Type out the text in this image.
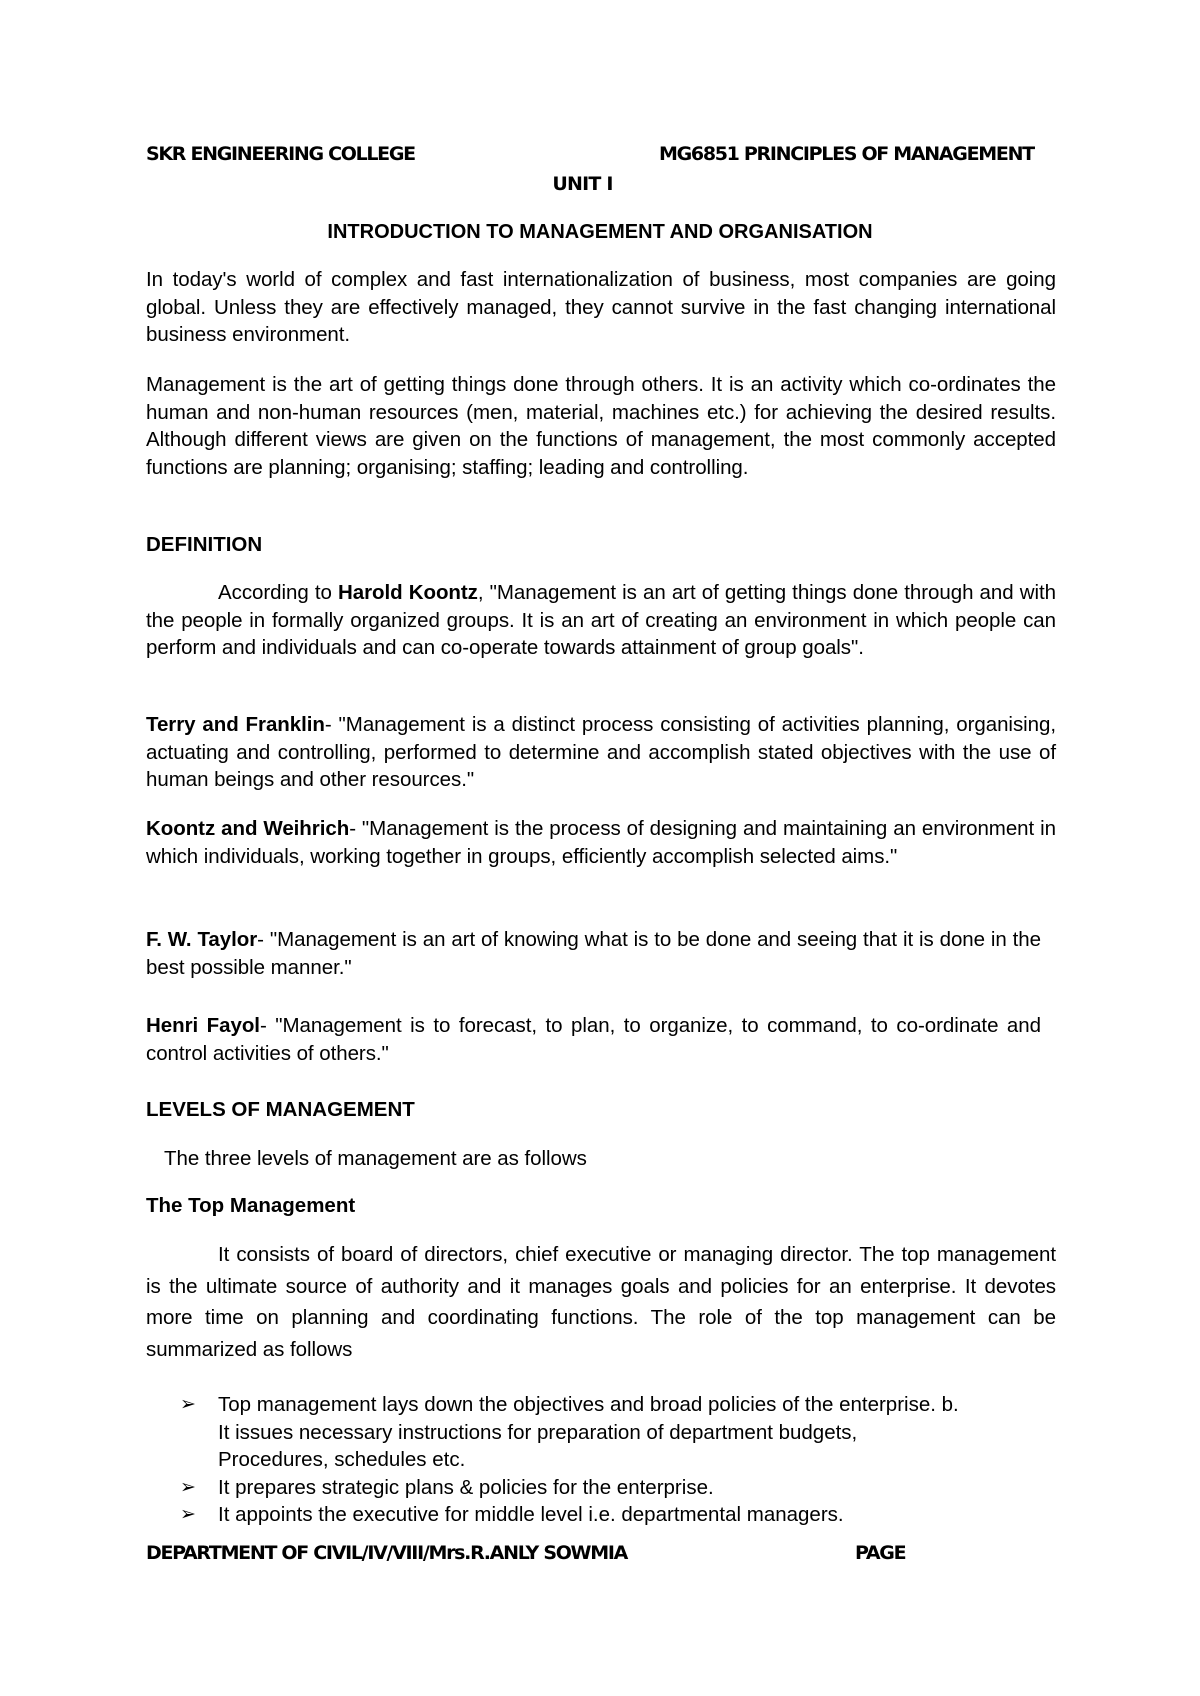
SKR ENGINEERING COLLEGE	MG6851 PRINCIPLES OF MANAGEMENT
UNIT I
INTRODUCTION TO MANAGEMENT AND ORGANISATION

In today's world of complex and fast internationalization of business, most companies are going global. Unless they are effectively managed, they cannot survive in the fast changing international business environment.

Management is the art of getting things done through others. It is an activity which co-ordinates the human and non-human resources (men, material, machines etc.) for achieving the desired results. Although different views are given on the functions of management, the most commonly accepted functions are planning; organising; staffing; leading and controlling.

DEFINITION

According to Harold Koontz, "Management is an art of getting things done through and with the people in formally organized groups. It is an art of creating an environment in which people can perform and individuals and can co-operate towards attainment of group goals".

Terry and Franklin- "Management is a distinct process consisting of activities planning, organising, actuating and controlling, performed to determine and accomplish stated objectives with the use of human beings and other resources."

Koontz and Weihrich- "Management is the process of designing and maintaining an environment in which individuals, working together in groups, efficiently accomplish selected aims."

F. W. Taylor- "Management is an art of knowing what is to be done and seeing that it is done in the best possible manner."

Henri Fayol- "Management is to forecast, to plan, to organize, to command, to co-ordinate and control activities of others."

LEVELS OF MANAGEMENT

The three levels of management are as follows

The Top Management

It consists of board of directors, chief executive or managing director. The top management is the ultimate source of authority and it manages goals and policies for an enterprise. It devotes more time on planning and coordinating functions. The role of the top management can be summarized as follows

➢ Top management lays down the objectives and broad policies of the enterprise. b. It issues necessary instructions for preparation of department budgets, Procedures, schedules etc.
➢ It prepares strategic plans & policies for the enterprise.
➢ It appoints the executive for middle level i.e. departmental managers.
DEPARTMENT OF CIVIL/IV/VIII/Mrs.R.ANLY SOWMIA	PAGE
